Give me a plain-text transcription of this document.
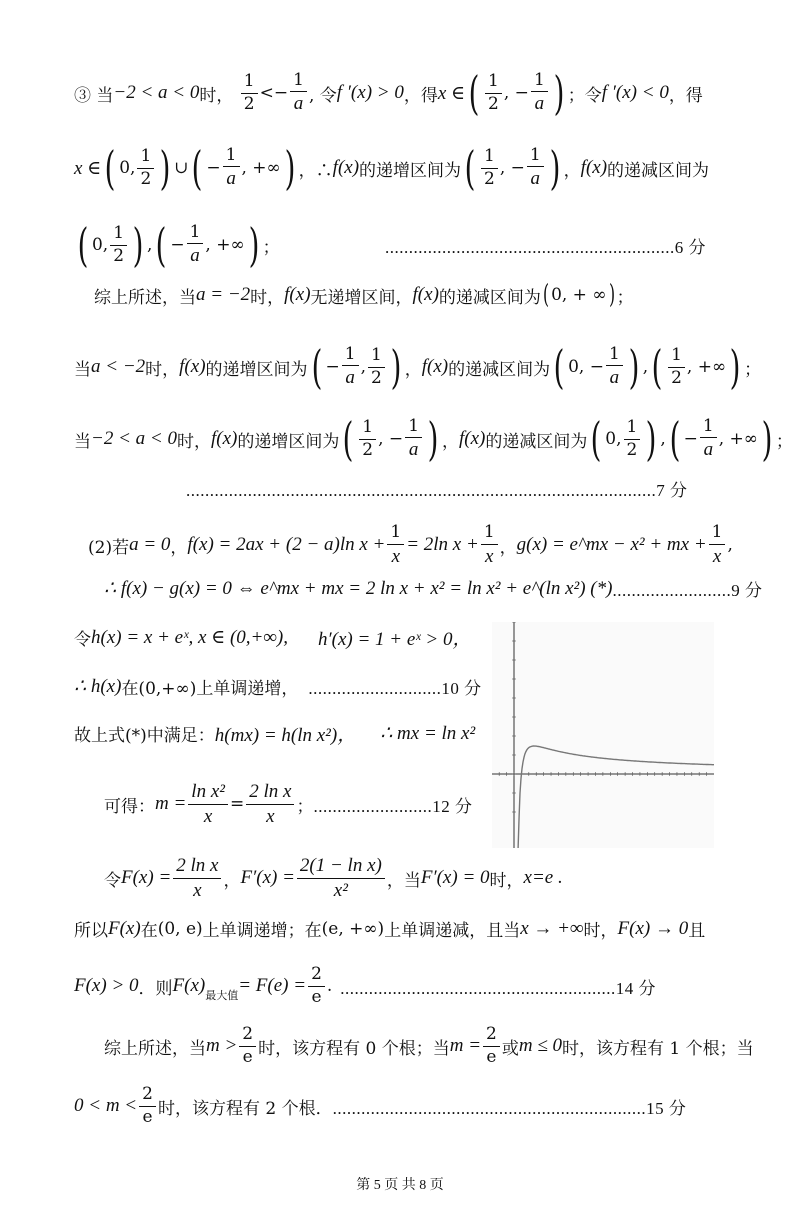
③ 当−2 < a < 0时， $\frac{1}{2} <- \frac{1}{a}$ , 令f ′(x) > 0，得x ∈( $\frac{1}{2}$ , − $\frac{1}{a}$ )；令f ′(x) < 0，得
x ∈( 0, $\frac{1}{2}$ ) ∪( − $\frac{1}{a}$ , +∞) ，∴f(x)的递增区间为( $\frac{1}{2}$ , − $\frac{1}{a}$ ) ，f(x)的递减区间为
( 0, $\frac{1}{2}$ ) ,( − $\frac{1}{a}$ , +∞) ；	.............................................................6 分
综上所述，当a = −2时，f(x)无递增区间，f(x)的递减区间为( 0, + ∞) ；
当a < −2时，f(x)的递增区间为( − $\frac{1}{a}$ , $\frac{1}{2}$ ) ，f(x)的递减区间为( 0, − $\frac{1}{a}$ ) ,( $\frac{1}{2}$ , +∞) ；
当−2 < a < 0时，f(x)的递增区间为( $\frac{1}{2}$ , − $\frac{1}{a}$ ) ，f(x)的递减区间为( 0, $\frac{1}{2}$ ) ,( − $\frac{1}{a}$ , +∞) ；
...................................................................................................7 分
(2)若a = 0，f(x) = 2ax + (2 − a)ln $x + \frac{1}{x} = 2\ln$ $x + \frac{1}{x}$ ，g(x) = e^mx − x² + mx + $\frac{1}{x}$ ,
∴ f(x) − g(x) = 0 ⇔ e^mx + mx = 2 ln x + x² = ln x² + e^(ln x²) (*).........................9 分
令h(x) = x + eˣ, x ∈ (0,+∞), h′(x) = 1 + eˣ > 0，
∴ h(x)在(0,+∞)上单调递增， ............................10 分
故上式(*)中满足：h(mx) = h(ln x²)， ∴ mx = ln x²
可得：$m = \frac{\text{ln x²}}{x} = \frac{\text{2 ln x}}{x}$ ；.........................12 分
令$F(x) = \frac{\text{2 ln x}}{x}$ ，$F'(x) = \frac{\text{2(1 − ln x)}}{\text{x²}}$ ，当F′(x) = 0时，x=e .
所以F(x)在(0, e)上单调递增；在(e, +∞)上单调递减，且当x → +∞时，F(x) → 0且
F(x) > 0．则F(x)最大值= $F(e) = \frac{2}{e}$ . ..........................................................14 分
综上所述，当$m > \frac{2}{e}$ 时，该方程有 0 个根；当$m = \frac{2}{e}$ 或m ≤ 0时，该方程有 1 个根；当
$0 < m < \frac{2}{e}$ 时，该方程有 2 个根．..................................................................15 分
第 5 页 共 8 页
